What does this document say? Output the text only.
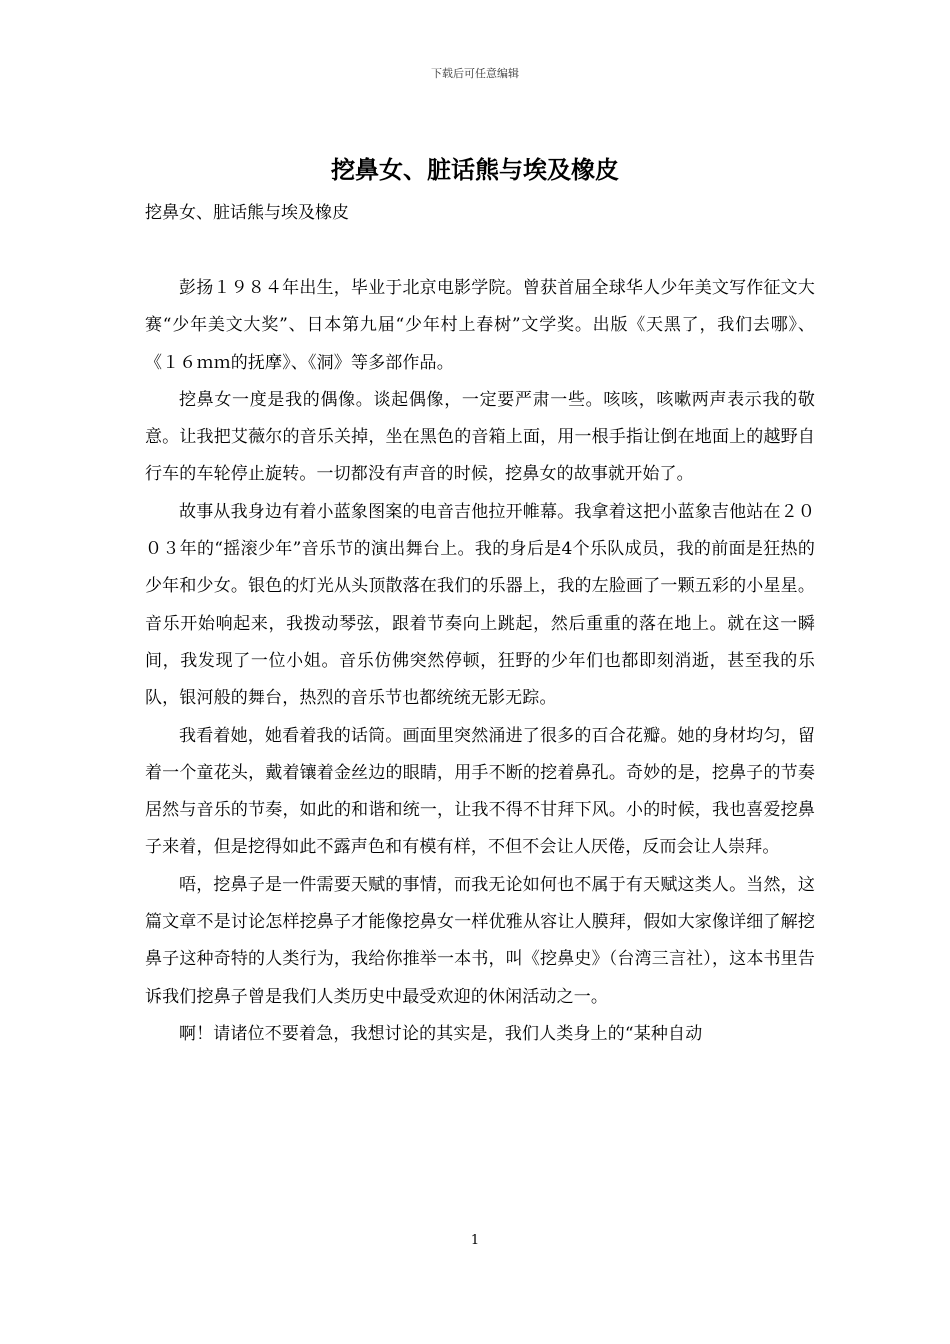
下载后可任意编辑
挖鼻女、脏话熊与埃及橡皮

挖鼻女、脏话熊与埃及橡皮

彭扬１９８４年出生，毕业于北京电影学院。曾获首届全球华人少年美文写作征文大赛“少年美文大奖”、日本第九届“少年村上春树”文学奖。出版《天黑了，我们去哪》、《１６ｍｍ的抚摩》、《洞》等多部作品。

挖鼻女一度是我的偶像。谈起偶像，一定要严肃一些。咳咳，咳嗽两声表示我的敬意。让我把艾薇尔的音乐关掉，坐在黑色的音箱上面，用一根手指让倒在地面上的越野自行车的车轮停止旋转。一切都没有声音的时候，挖鼻女的故事就开始了。

故事从我身边有着小蓝象图案的电音吉他拉开帷幕。我拿着这把小蓝象吉他站在２００３年的“摇滚少年”音乐节的演出舞台上。我的身后是4个乐队成员，我的前面是狂热的少年和少女。银色的灯光从头顶散落在我们的乐器上，我的左脸画了一颗五彩的小星星。音乐开始响起来，我拨动琴弦，跟着节奏向上跳起，然后重重的落在地上。就在这一瞬间，我发现了一位小姐。音乐仿佛突然停顿，狂野的少年们也都即刻消逝，甚至我的乐队，银河般的舞台，热烈的音乐节也都统统无影无踪。

我看着她，她看着我的话筒。画面里突然涌进了很多的百合花瓣。她的身材均匀，留着一个童花头，戴着镶着金丝边的眼睛，用手不断的挖着鼻孔。奇妙的是，挖鼻子的节奏居然与音乐的节奏，如此的和谐和统一，让我不得不甘拜下风。小的时候，我也喜爱挖鼻子来着，但是挖得如此不露声色和有模有样，不但不会让人厌倦，反而会让人崇拜。

唔，挖鼻子是一件需要天赋的事情，而我无论如何也不属于有天赋这类人。当然，这篇文章不是讨论怎样挖鼻子才能像挖鼻女一样优雅从容让人膜拜，假如大家像详细了解挖鼻子这种奇特的人类行为，我给你推举一本书，叫《挖鼻史》（台湾三言社），这本书里告诉我们挖鼻子曾是我们人类历史中最受欢迎的休闲活动之一。

啊！请诸位不要着急，我想讨论的其实是，我们人类身上的“某种自动

1
